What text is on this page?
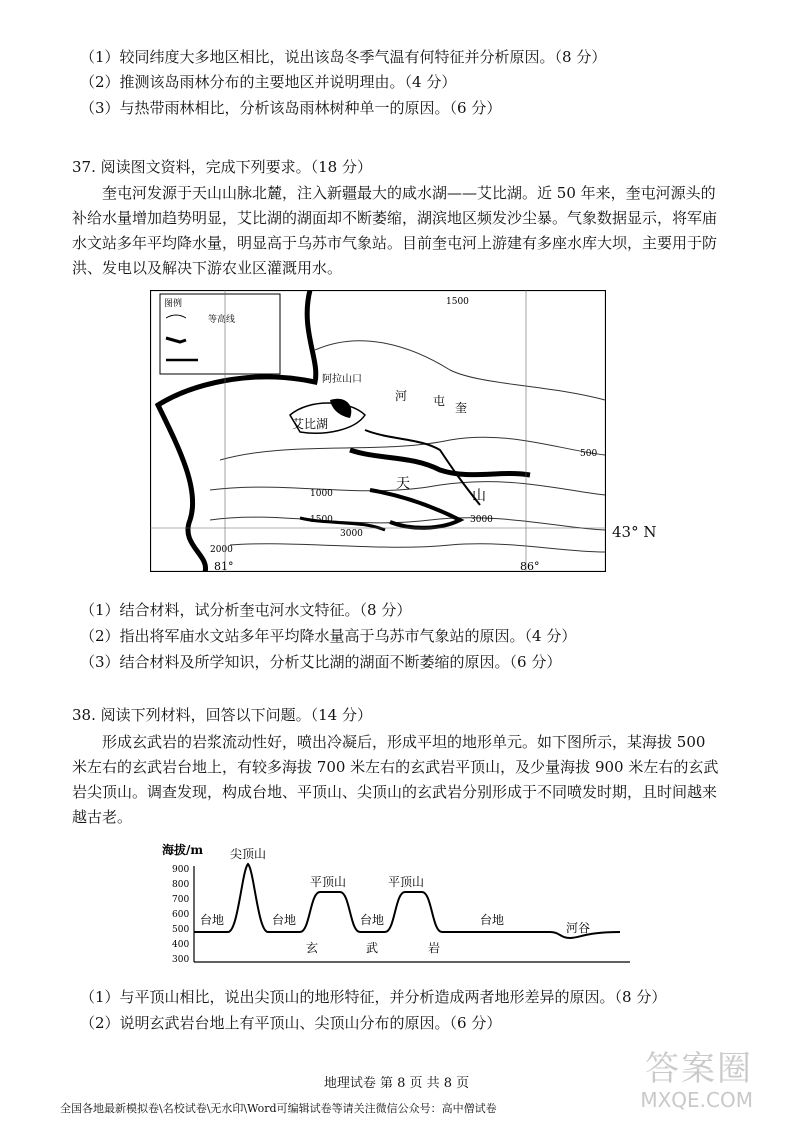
（1）较同纬度大多地区相比，说出该岛冬季气温有何特征并分析原因。（8 分）
（2）推测该岛雨林分布的主要地区并说明理由。（4 分）
（3）与热带雨林相比，分析该岛雨林树种单一的原因。（6 分）
37. 阅读图文资料，完成下列要求。（18 分）
奎屯河发源于天山山脉北麓，注入新疆最大的咸水湖——艾比湖。近 50 年来，奎屯河源头的补给水量增加趋势明显，艾比湖的湖面却不断萎缩，湖滨地区频发沙尘暴。气象数据显示，将军庙水文站多年平均降水量，明显高于乌苏市气象站。目前奎屯河上游建有多座水库大坝，主要用于防洪、发电以及解决下游农业区灌溉用水。
图例
等高线
艾比湖
阿拉山口
奎
屯
河
天
山
1500
1000
1500
3000
3000
2000
500
81°	86°
43° N
（1）结合材料，试分析奎屯河水文特征。（8 分）
（2）指出将军庙水文站多年平均降水量高于乌苏市气象站的原因。（4 分）
（3）结合材料及所学知识，分析艾比湖的湖面不断萎缩的原因。（6 分）
38. 阅读下列材料，回答以下问题。（14 分）
形成玄武岩的岩浆流动性好，喷出冷凝后，形成平坦的地形单元。如下图所示，某海拔 500 米左右的玄武岩台地上，有较多海拔 700 米左右的玄武岩平顶山，及少量海拔 900 米左右的玄武岩尖顶山。调查发现，构成台地、平顶山、尖顶山的玄武岩分别形成于不同喷发时期，且时间越来越古老。
海拔/m
900
800
700
600
500
400
300
尖顶山
平顶山	平顶山
台地	台地	台地	台地
河谷
玄	武	岩
（1）与平顶山相比，说出尖顶山的地形特征，并分析造成两者地形差异的原因。（8 分）
（2）说明玄武岩台地上有平顶山、尖顶山分布的原因。（6 分）
地理试卷 第 8 页 共 8 页
全国各地最新模拟卷\名校试卷\无水印\Word可编辑试卷等请关注微信公众号：高中僧试卷
答案圈
MXQE.COM
